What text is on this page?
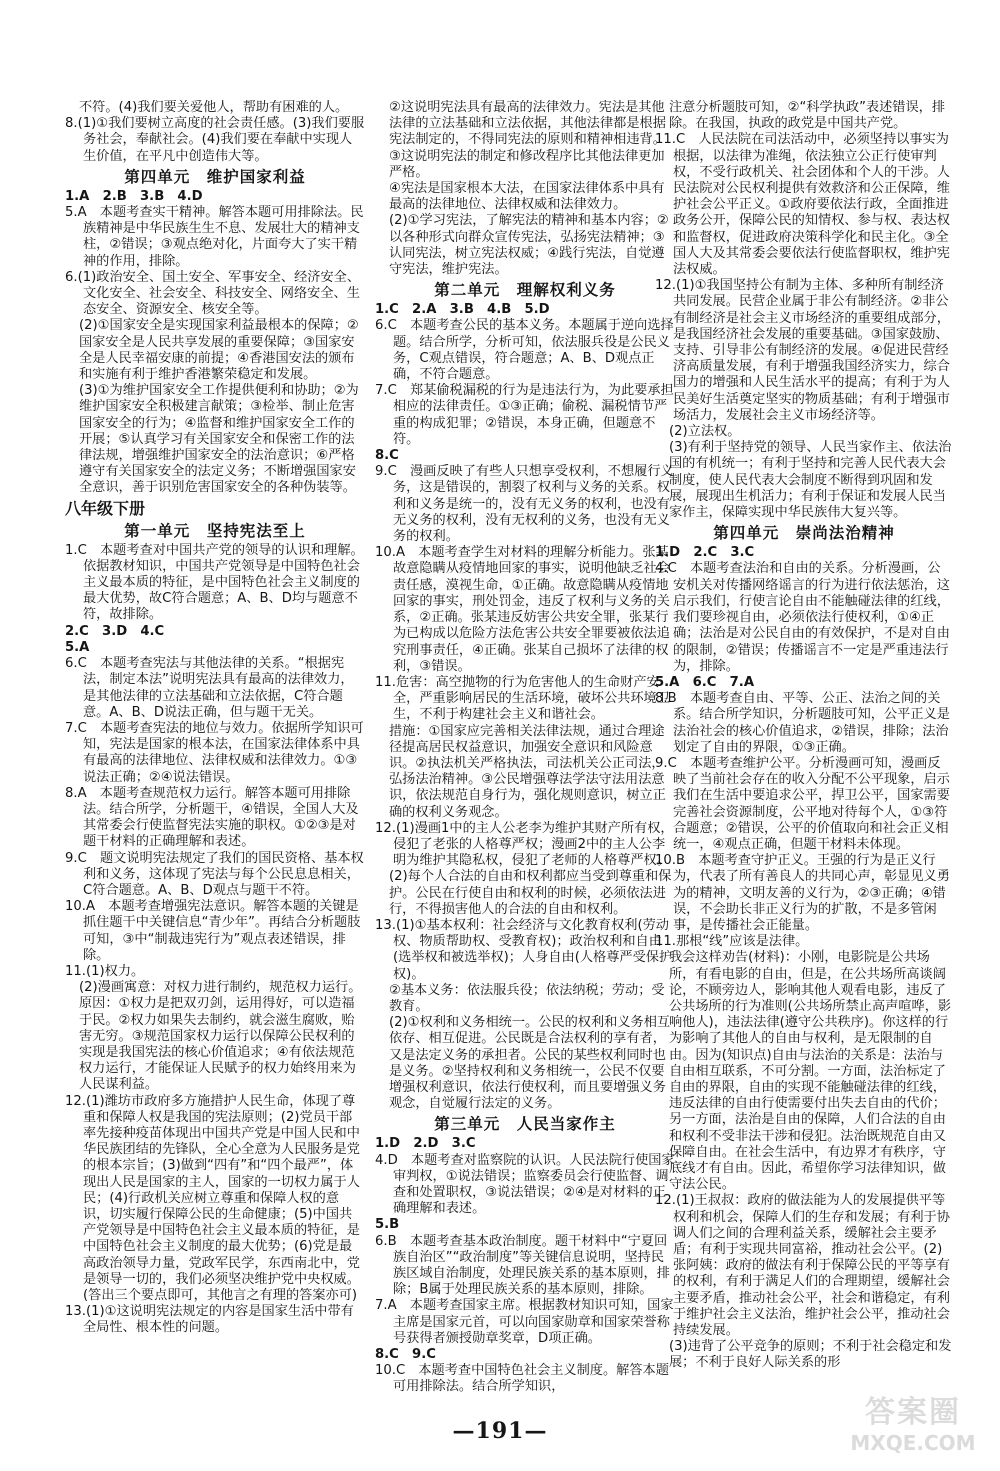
不符。(4)我们要关爱他人，帮助有困难的人。
8.(1)①我们要树立高度的社会责任感。(3)我们要服务社会，奉献社会。(4)我们要在奉献中实现人生价值，在平凡中创造伟大等。
第四单元　维护国家利益
1.A　2.B　3.B　4.D
5.A　本题考查实干精神。解答本题可用排除法。民族精神是中华民族生生不息、发展壮大的精神支柱，②错误；③观点绝对化，片面夸大了实干精神的作用，排除。
6.(1)政治安全、国土安全、军事安全、经济安全、文化安全、社会安全、科技安全、网络安全、生态安全、资源安全、核安全等。
(2)①国家安全是实现国家利益最根本的保障；②国家安全是人民共享发展的重要保障；③国家安全是人民幸福安康的前提；④香港国安法的颁布和实施有利于维护香港繁荣稳定和发展。
(3)①为维护国家安全工作提供便利和协助；②为维护国家安全积极建言献策；③检举、制止危害国家安全的行为；④监督和维护国家安全工作的开展；⑤认真学习有关国家安全和保密工作的法律法规，增强维护国家安全的法治意识；⑥严格遵守有关国家安全的法定义务；不断增强国家安全意识，善于识别危害国家安全的各种伪装等。
八年级下册
第一单元　坚持宪法至上
1.C　本题考查对中国共产党的领导的认识和理解。依据教材知识，中国共产党领导是中国特色社会主义最本质的特征，是中国特色社会主义制度的最大优势，故C符合题意；A、B、D均与题意不符，故排除。
2.C　3.D　4.C
5.A
6.C　本题考查宪法与其他法律的关系。“根据宪法，制定本法”说明宪法具有最高的法律效力，是其他法律的立法基础和立法依据，C符合题意。A、B、D说法正确，但与题干无关。
7.C　本题考查宪法的地位与效力。依据所学知识可知，宪法是国家的根本法，在国家法律体系中具有最高的法律地位、法律权威和法律效力。①③说法正确；②④说法错误。
8.A　本题考查规范权力运行。解答本题可用排除法。结合所学，分析题干，④错误，全国人大及其常委会行使监督宪法实施的职权。①②③是对题干材料的正确理解和表述。
9.C　题文说明宪法规定了我们的国民资格、基本权利和义务，这体现了宪法与每个公民息息相关，C符合题意。A、B、D观点与题干不符。
10.A　本题考查增强宪法意识。解答本题的关键是抓住题干中关键信息“青少年”。再结合分析题肢可知，③中“制裁违宪行为”观点表述错误，排除。
11.(1)权力。
(2)漫画寓意：对权力进行制约，规范权力运行。原因：①权力是把双刃剑，运用得好，可以造福于民。②权力如果失去制约，就会滋生腐败，贻害无穷。③规范国家权力运行以保障公民权利的实现是我国宪法的核心价值追求；④有依法规范权力运行，才能保证人民赋予的权力始终用来为人民谋利益。
12.(1)潍坊市政府多方施措护人民生命，体现了尊重和保障人权是我国的宪法原则；(2)党员干部率先接种疫苗体现出中国共产党是中国人民和中华民族团结的先锋队，全心全意为人民服务是党的根本宗旨；(3)做到“四有”和“四个最严”，体现出人民是国家的主人，国家的一切权力属于人民；(4)行政机关应树立尊重和保障人权的意识，切实履行保障公民的生命健康；(5)中国共产党领导是中国特色社会主义最本质的特征，是中国特色社会主义制度的最大优势；(6)党是最高政治领导力量，党政军民学，东西南北中，党是领导一切的，我们必须坚决维护党中央权威。(答出三个要点即可，其他言之有理的答案亦可)
13.(1)①这说明宪法规定的内容是国家生活中带有全局性、根本性的问题。
②这说明宪法具有最高的法律效力。宪法是其他法律的立法基础和立法依据，其他法律都是根据宪法制定的，不得同宪法的原则和精神相违背。
③这说明宪法的制定和修改程序比其他法律更加严格。
④宪法是国家根本大法，在国家法律体系中具有最高的法律地位、法律权威和法律效力。
(2)①学习宪法，了解宪法的精神和基本内容；②以各种形式向群众宣传宪法，弘扬宪法精神；③认同宪法，树立宪法权威；④践行宪法，自觉遵守宪法，维护宪法。
第二单元　理解权利义务
1.C　2.A　3.B　4.B　5.D
6.C　本题考查公民的基本义务。本题属于逆向选择题。结合所学，分析可知，依法服兵役是公民义务，C观点错误，符合题意；A、B、D观点正确，不符合题意。
7.C　郑某偷税漏税的行为是违法行为，为此要承担相应的法律责任。①③正确；偷税、漏税情节严重的构成犯罪；②错误，本身正确，但题意不符。
8.C
9.C　漫画反映了有些人只想享受权利，不想履行义务，这是错误的，割裂了权利与义务的关系。权利和义务是统一的，没有无义务的权利，也没有无义务的权利，没有无权利的义务，也没有无义务的权利。
10.A　本题考查学生对材料的理解分析能力。张某故意隐瞒从疫情地回家的事实，说明他缺乏社会责任感，漠视生命，①正确。故意隐瞒从疫情地回家的事实，刑处罚金，违反了权利与义务的关系，②正确。张某违反妨害公共安全罪，张某行为已构成以危险方法危害公共安全罪要被依法追究刑事责任，④正确。张某自己损坏了法律的权利，③错误。
11.危害：高空抛物的行为危害他人的生命财产安全，严重影响居民的生活环境，破坏公共环境卫生，不利于构建社会主义和谐社会。
措施：①国家应完善相关法律法规，通过合理途径提高居民权益意识，加强安全意识和风险意识。②执法机关严格执法，司法机关公正司法，弘扬法治精神。③公民增强尊法学法守法用法意识，依法规范自身行为，强化规则意识，树立正确的权利义务观念。
12.(1)漫画1中的主人公老李为维护其财产所有权，侵犯了老张的人格尊严权；漫画2中的主人公李明为维护其隐私权，侵犯了老师的人格尊严权。
(2)每个人合法的自由和权利都应当受到尊重和保护。公民在行使自由和权利的时候，必须依法进行，不得损害他人的合法的自由和权利。
13.(1)①基本权利：社会经济与文化教育权利(劳动权、物质帮助权、受教育权)；政治权利和自由(选举权和被选举权)；人身自由(人格尊严受保护权)。
②基本义务：依法服兵役；依法纳税；劳动；受教育。
(2)①权利和义务相统一。公民的权利和义务相互依存、相互促进。公民既是合法权利的享有者，又是法定义务的承担者。公民的某些权利同时也是义务。②坚持权利和义务相统一，公民不仅要增强权利意识，依法行使权利，而且要增强义务观念，自觉履行法定的义务。
第三单元　人民当家作主
1.D　2.D　3.C
4.D　本题考查对监察院的认识。人民法院行使国家审判权，①说法错误；监察委员会行使监督、调查和处置职权，③说法错误；②④是对材料的正确理解和表述。
5.B
6.B　本题考查基本政治制度。题干材料中“宁夏回族自治区”“政治制度”等关键信息说明，坚持民族区域自治制度，处理民族关系的基本原则，排除；B属于处理民族关系的基本原则，排除。
7.A　本题考查国家主席。根据教材知识可知，国家主席是国家元首，可以向国家勋章和国家荣誉称号获得者颁授勋章奖章，D项正确。
8.C　9.C
10.C　本题考查中国特色社会主义制度。解答本题可用排除法。结合所学知识，
注意分析题肢可知，②“科学执政”表述错误，排除。在我国，执政的政党是中国共产党。
11.C　人民法院在司法活动中，必须坚持以事实为根据，以法律为准绳，依法独立公正行使审判权，不受行政机关、社会团体和个人的干涉。人民法院对公民权利提供有效救济和公正保障，维护社会公平正义。①政府要依法行政，全面推进政务公开，保障公民的知情权、参与权、表达权和监督权，促进政府决策科学化和民主化。③全国人大及其常委会要依法行使监督职权，维护宪法权威。
12.(1)①我国坚持公有制为主体、多种所有制经济共同发展。民营企业属于非公有制经济。②非公有制经济是社会主义市场经济的重要组成部分，是我国经济社会发展的重要基础。③国家鼓励、支持、引导非公有制经济的发展。④促进民营经济高质量发展，有利于增强我国经济实力，综合国力的增强和人民生活水平的提高；有利于为人民美好生活奠定坚实的物质基础；有利于增强市场活力，发展社会主义市场经济等。
(2)立法权。
(3)有利于坚持党的领导、人民当家作主、依法治国的有机统一；有利于坚持和完善人民代表大会制度，使人民代表大会制度不断得到巩固和发展，展现出生机活力；有利于保证和发展人民当家作主，保障实现中华民族伟大复兴等。
第四单元　崇尚法治精神
1.D　2.C　3.C
4.C　本题考查法治和自由的关系。分析漫画，公安机关对传播网络谣言的行为进行依法惩治，这启示我们，行使言论自由不能触碰法律的红线，我们要珍视自由，必须依法行使权利，①④正确；法治是对公民自由的有效保护，不是对自由的限制，②错误；传播谣言不一定是严重违法行为，排除。
5.A　6.C　7.A
8.B　本题考查自由、平等、公正、法治之间的关系。结合所学知识，分析题肢可知，公平正义是法治社会的核心价值追求，②错误，排除；法治划定了自由的界限，①③正确。
9.C　本题考查维护公平。分析漫画可知，漫画反映了当前社会存在的收入分配不公平现象，启示我们在生活中要追求公平，捍卫公平，国家需要完善社会资源制度，公平地对待每个人，①③符合题意；②错误，公平的价值取向和社会正义相统一，④观点正确，但题干材料未体现。
10.B　本题考查守护正义。王强的行为是正义行为，代表了所有善良人的共同心声，彰显见义勇为的精神，文明友善的义行为，②③正确；④错误，不会助长非正义行为的扩散，不是多管闲事，是传播社会正能量。
11.那根“线”应该是法律。
我会这样劝告(材料)：小刚，电影院是公共场所，有看电影的自由，但是，在公共场所高谈阔论，不顾旁边人，影响其他人观看电影，违反了公共场所的行为准则(公共场所禁止高声喧哗，影响他人)，违法法律(遵守公共秩序)。你这样的行为影响了其他人的自由与权利，是无限制的自由。因为(知识点)自由与法治的关系是：法治与自由相互联系，不可分割。一方面，法治标定了自由的界限，自由的实现不能触碰法律的红线，违反法律的自由行使需要付出失去自由的代价；另一方面，法治是自由的保障，人们合法的自由和权利不受非法干涉和侵犯。法治既规范自由又保障自由。在社会生活中，有边界才有秩序，守底线才有自由。因此，希望你学习法律知识，做守法公民。
12.(1)王叔叔：政府的做法能为人的发展提供平等权利和机会，保障人们的生存和发展；有利于协调人们之间的合理利益关系，缓解社会主要矛盾；有利于实现共同富裕，推动社会公平。(2)张阿姨：政府的做法有利于保障公民的平等享有的权利，有利于满足人们的合理期望，缓解社会主要矛盾，推动社会公平，社会和谐稳定，有利于维护社会主义法治，维护社会公平，推动社会持续发展。
(3)违背了公平竞争的原则；不利于社会稳定和发展；不利于良好人际关系的形
—191—
答案圈
MXQE.COM
